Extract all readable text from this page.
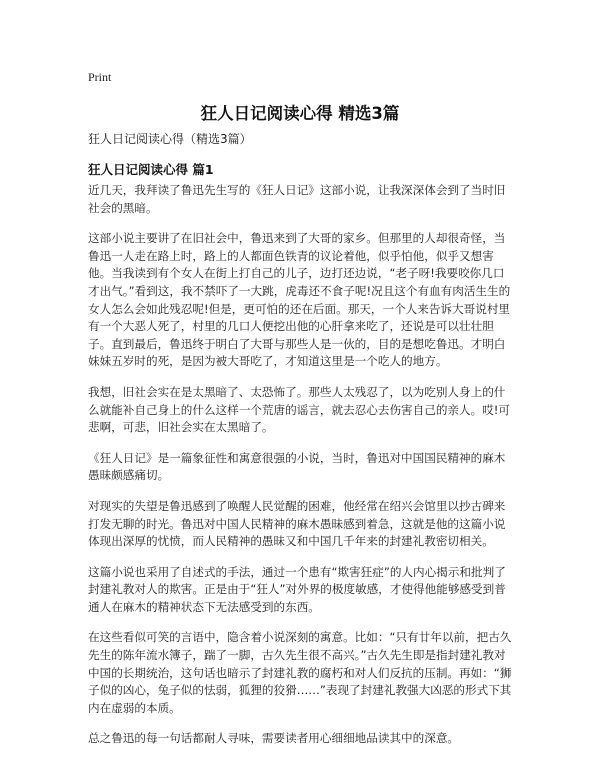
Print
狂人日记阅读心得 精选3篇

狂人日记阅读心得（精选3篇）

狂人日记阅读心得 篇1

近几天，我拜读了鲁迅先生写的《狂人日记》这部小说，让我深深体会到了当时旧社会的黑暗。

这部小说主要讲了在旧社会中，鲁迅来到了大哥的家乡。但那里的人却很奇怪，当鲁迅一人走在路上时，路上的人都面色铁青的议论着他，似乎怕他，似乎又想害他。当我读到有个女人在街上打自己的儿子，边打还边说，“老子呀!我要咬你几口才出气。”看到这，我不禁吓了一大跳，虎毒还不食子呢!况且这个有血有肉活生生的女人怎么会如此残忍呢!但是，更可怕的还在后面。那天，一个人来告诉大哥说村里有一个大恶人死了，村里的几口人便挖出他的心肝拿来吃了，还说是可以壮壮胆子。直到最后，鲁迅终于明白了大哥与那些人是一伙的，目的是想吃鲁迅。才明白妹妹五岁时的死，是因为被大哥吃了，才知道这里是一个吃人的地方。

我想，旧社会实在是太黑暗了、太恐怖了。那些人太残忍了，以为吃别人身上的什么就能补自己身上的什么这样一个荒唐的谣言，就去忍心去伤害自己的亲人。哎!可悲啊，可悲，旧社会实在太黑暗了。

《狂人日记》是一篇象征性和寓意很强的小说，当时，鲁迅对中国国民精神的麻木愚昧颇感痛切。

对现实的失望是鲁迅感到了唤醒人民觉醒的困难，他经常在绍兴会馆里以抄古碑来打发无聊的时光。鲁迅对中国人民精神的麻木愚昧感到着急，这就是他的这篇小说体现出深厚的忧愤，而人民精神的愚昧又和中国几千年来的封建礼教密切相关。

这篇小说也采用了自述式的手法，通过一个患有“欺害狂症”的人内心揭示和批判了封建礼教对人的欺害。正是由于“狂人”对外界的极度敏感，才使得他能够感受到普通人在麻木的精神状态下无法感受到的东西。

在这些看似可笑的言语中，隐含着小说深刻的寓意。比如：“只有廿年以前，把古久先生的陈年流水簿子，踹了一脚，古久先生很不高兴。”古久先生即是指封建礼教对中国的长期统治，这句话也暗示了封建礼教的腐朽和对人们反抗的压制。再如：“狮子似的凶心，兔子似的怯弱，狐狸的狡猾……”表现了封建礼教强大凶恶的形式下其内在虚弱的本质。

总之鲁迅的每一句话都耐人寻味，需要读者用心细细地品读其中的深意。
